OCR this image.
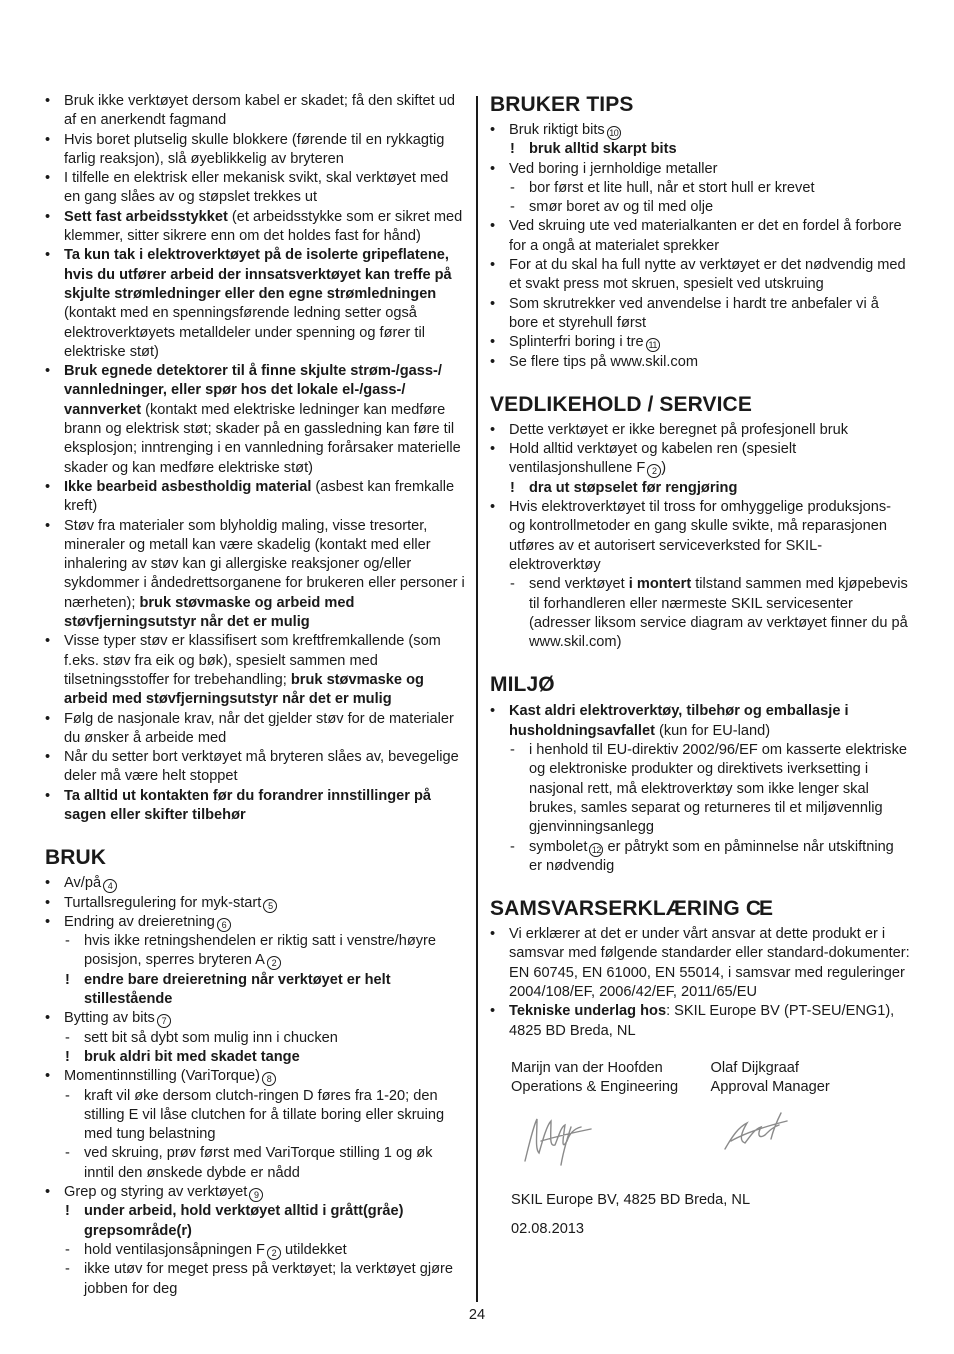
• Bruk ikke verktøyet dersom kabel er skadet; få den skiftet ud af en anerkendt fagmand
• Hvis boret plutselig skulle blokkere (førende til en rykkagtig farlig reaksjon), slå øyeblikkelig av bryteren
• I tilfelle en elektrisk eller mekanisk svikt, skal verktøyet med en gang slåes av og støpslet trekkes ut
• Sett fast arbeidsstykket (et arbeidsstykke som er sikret med klemmer, sitter sikrere enn om det holdes fast for hånd)
• Ta kun tak i elektroverktøyet på de isolerte gripeflatene, hvis du utfører arbeid der innsatsverktøyet kan treffe på skjulte strømledninger eller den egne strømledningen (kontakt med en spenningsførende ledning setter også elektroverktøyets metalldeler under spenning og fører til elektriske støt)
• Bruk egnede detektorer til å finne skjulte strøm-/gass-/ vannledninger, eller spør hos det lokale el-/gass-/ vannverket (kontakt med elektriske ledninger kan medføre brann og elektrisk støt; skader på en gassledning kan føre til eksplosjon; inntrenging i en vannledning forårsaker materielle skader og kan medføre elektriske støt)
• Ikke bearbeid asbestholdig material (asbest kan fremkalle kreft)
• Støv fra materialer som blyholdig maling, visse tresorter, mineraler og metall kan være skadelig (kontakt med eller inhalering av støv kan gi allergiske reaksjoner og/eller sykdommer i åndedrettsorganene for brukeren eller personer i nærheten); bruk støvmaske og arbeid med støvfjerningsutstyr når det er mulig
• Visse typer støv er klassifisert som kreftfremkallende (som f.eks. støv fra eik og bøk), spesielt sammen med tilsetningsstoffer for trebehandling; bruk støvmaske og arbeid med støvfjerningsutstyr når det er mulig
• Følg de nasjonale krav, når det gjelder støv for de materialer du ønsker å arbeide med
• Når du setter bort verktøyet må bryteren slåes av, bevegelige deler må være helt stoppet
• Ta alltid ut kontakten før du forandrer innstillinger på sagen eller skifter tilbehør
BRUK
• Av/på 4
• Turtallsregulering for myk-start 5
• Endring av dreieretning 6
- hvis ikke retningshendelen er riktig satt i venstre/høyre posisjon, sperres bryteren A 2
! endre bare dreieretning når verktøyet er helt stillestående
• Bytting av bits 7
- sett bit så dybt som mulig inn i chucken
! bruk aldri bit med skadet tange
• Momentinnstilling (VariTorque) 8
- kraft vil øke dersom clutch-ringen D føres fra 1-20; den stilling E vil låse clutchen for å tillate boring eller skruing med tung belastning
- ved skruing, prøv først med VariTorque stilling 1 og øk inntil den ønskede dybde er nådd
• Grep og styring av verktøyet 9
! under arbeid, hold verktøyet alltid i grått(gråe) grepsområde(r)
- hold ventilasjonsåpningen F 2 utildekket
- ikke utøv for meget press på verktøyet; la verktøyet gjøre jobben for deg
BRUKER TIPS
• Bruk riktigt bits 10
! bruk alltid skarpt bits
• Ved boring i jernholdige metaller
- bor først et lite hull, når et stort hull er krevet
- smør boret av og til med olje
• Ved skruing ute ved materialkanten er det en fordel å forbore for a ongå at materialet sprekker
• For at du skal ha full nytte av verktøyet er det nødvendig med et svakt press mot skruen, spesielt ved utskruing
• Som skrutrekker ved anvendelse i hardt tre anbefaler vi å bore et styrehull først
• Splinterfri boring i tre 11
• Se flere tips på www.skil.com
VEDLIKEHOLD / SERVICE
• Dette verktøyet er ikke beregnet på profesjonell bruk
• Hold alltid verktøyet og kabelen ren (spesielt ventilasjonshullene F 2 )
! dra ut støpselet før rengjøring
• Hvis elektroverktøyet til tross for omhyggelige produksjons- og kontrollmetoder en gang skulle svikte, må reparasjonen utføres av et autorisert serviceverksted for SKIL-elektroverktøy
- send verktøyet i montert tilstand sammen med kjøpebevis til forhandleren eller nærmeste SKIL servicesenter (adresser liksom service diagram av verktøyet finner du på www.skil.com)
MILJØ
• Kast aldri elektroverktøy, tilbehør og emballasje i husholdningsavfallet (kun for EU-land)
- i henhold til EU-direktiv 2002/96/EF om kasserte elektriske og elektroniske produkter og direktivets iverksetting i nasjonal rett, må elektroverktøy som ikke lenger skal brukes, samles separat og returneres til et miljøvennlig gjenvinningsanlegg
- symbolet 12 er påtrykt som en påminnelse når utskiftning er nødvendig
SAMSVARSERKLÆRING CE
• Vi erklærer at det er under vårt ansvar at dette produkt er i samsvar med følgende standarder eller standard-dokumenter: EN 60745, EN 61000, EN 55014, i samsvar med reguleringer 2004/108/EF, 2006/42/EF, 2011/65/EU
• Tekniske underlag hos: SKIL Europe BV (PT-SEU/ENG1), 4825 BD Breda, NL
Marijn van der Hoofden
Operations & Engineering
Olaf Dijkgraaf
Approval Manager
SKIL Europe BV, 4825 BD Breda, NL
02.08.2013
24
